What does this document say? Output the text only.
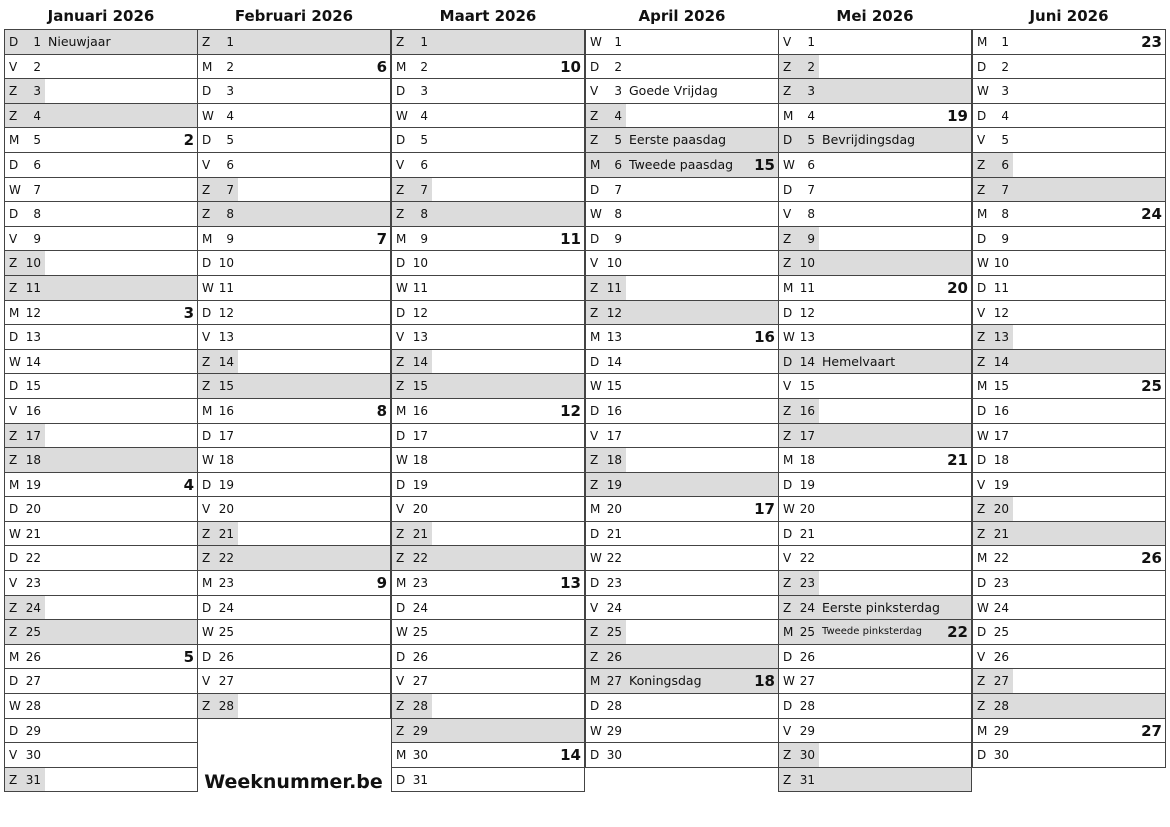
Januari 2026
D 1 Nieuwjaar
V 2
Z 3
Z 4
M 5	2
D 6
W 7
D 8
V 9
Z 10
Z 11
M 12	3
D 13
W 14
D 15
V 16
Z 17
Z 18
M 19	4
D 20
W 21
D 22
V 23
Z 24
Z 25
M 26	5
D 27
W 28
D 29
V 30
Z 31
Februari 2026
Z 1
M 2	6
D 3
W 4
D 5
V 6
Z 7
Z 8
M 9	7
D 10
W 11
D 12
V 13
Z 14
Z 15
M 16	8
D 17
W 18
D 19
V 20
Z 21
Z 22
M 23	9
D 24
W 25
D 26
V 27
Z 28
Maart 2026
Z 1
M 2	10
D 3
W 4
D 5
V 6
Z 7
Z 8
M 9	11
D 10
W 11
D 12
V 13
Z 14
Z 15
M 16	12
D 17
W 18
D 19
V 20
Z 21
Z 22
M 23	13
D 24
W 25
D 26
V 27
Z 28
Z 29
M 30	14
D 31
April 2026
W 1
D 2
V 3 Goede Vrijdag
Z 4
Z 5 Eerste paasdag
M 6 Tweede paasdag 15
D 7
W 8
D 9
V 10
Z 11
Z 12
M 13	16
D 14
W 15
D 16
V 17
Z 18
Z 19
M 20	17
D 21
W 22
D 23
V 24
Z 25
Z 26
M 27 Koningsdag	18
D 28
W 29
D 30
Mei 2026
V 1
Z 2
Z 3
M 4	19
D 5 Bevrijdingsdag
W 6
D 7
V 8
Z 9
Z 10
M 11	20
D 12
W 13
D 14 Hemelvaart
V 15
Z 16
Z 17
M 18	21
D 19
W 20
D 21
V 22
Z 23
Z 24 Eerste pinksterdag
M 25 Tweede pinksterdag 22
D 26
W 27
D 28
V 29
Z 30
Z 31
Juni 2026
M 1	23
D 2
W 3
D 4
V 5
Z 6
Z 7
M 8	24
D 9
W 10
D 11
V 12
Z 13
Z 14
M 15	25
D 16
W 17
D 18
V 19
Z 20
Z 21
M 22	26
D 23
W 24
D 25
V 26
Z 27
Z 28
M 29	27
D 30
Weeknummer.be
